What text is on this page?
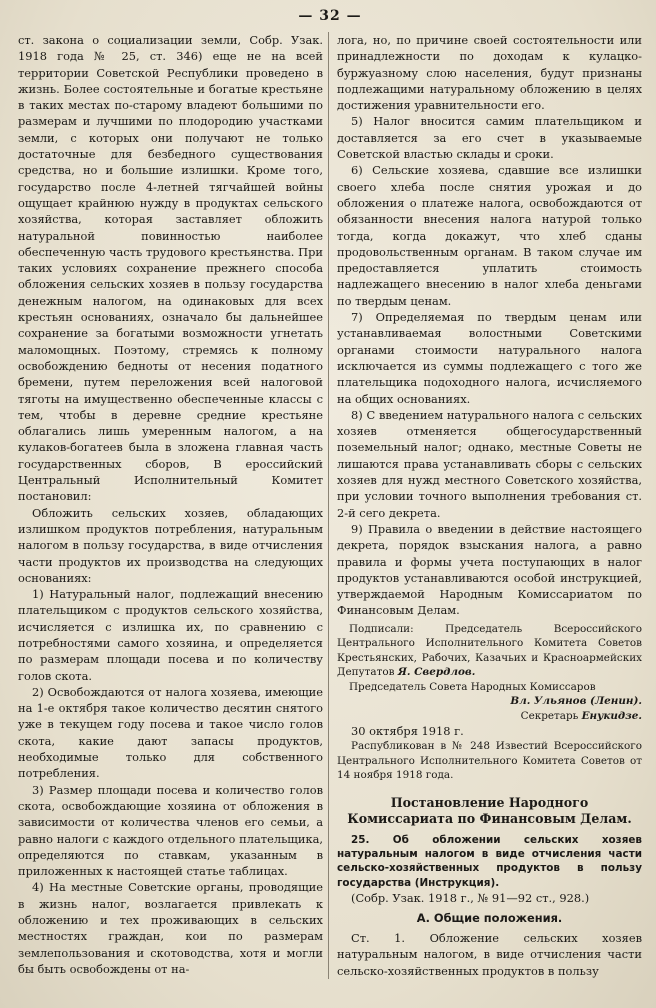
— 32 —

ст. закона о социализации земли, Собр. Узак. 1918 года № 25, ст. 346) еще не на всей территории Советской Республики проведено в жизнь. Более состоятельные и богатые крестьяне в таких местах по-старому владеют большими по размерам и лучшими по плодородию участками земли, с которых они получают не только достаточные для безбедного существования средства, но и большие излишки. Кроме того, государство после 4-летней тягчайшей войны ощущает крайнюю нужду в продуктах сельского хозяйства, которая заставляет обложить натуральной повинностью наиболее обеспеченную часть трудового крестьянства. При таких условиях сохранение прежнего способа обложения сельских хозяев в пользу государства денежным налогом, на одинаковых для всех крестьян основаниях, означало бы дальнейшее сохранение за богатыми возможности угнетать маломощных. Поэтому, стремясь к полному освобождению бедноты от несения податного бремени, путем переложения всей налоговой тяготы на имущественно обеспеченные классы с тем, чтобы в деревне средние крестьяне облагались лишь умеренным налогом, а на кулаков-богатеев была в зложена главная часть государственных сборов, В ероссийский Центральный Исполнительный Комитет постановил:

Обложить сельских хозяев, обладающих излишком продуктов потребления, натуральным налогом в пользу государства, в виде отчисления части продуктов их производства на следующих основаниях:

1) Натуральный налог, подлежащий внесению плательщиком с продуктов сельского хозяйства, исчисляется с излишка их, по сравнению с потребностями самого хозяина, и определяется по размерам площади посева и по количеству голов скота.

2) Освобождаются от налога хозяева, имеющие на 1-е октября такое количество десятин снятого уже в текущем году посева и такое число голов скота, какие дают запасы продуктов, необходимые только для собственного потребления.

3) Размер площади посева и количество голов скота, освобождающие хозяина от обложения в зависимости от количества членов его семьи, а равно налоги с каждого отдельного плательщика, определяются по ставкам, указанным в приложенных к настоящей статье таблицах.

4) На местные Советские органы, проводящие в жизнь налог, возлагается привлекать к обложению и тех проживающих в сельских местностях граждан, кои по размерам землепользования и скотоводства, хотя и могли бы быть освобождены от на-

лога, но, по причине своей состоятельности или принадлежности по доходам к кулацко-буржуазному слою населения, будут признаны подлежащими натуральному обложению в целях достижения уравнительности его.

5) Налог вносится самим плательщиком и доставляется за его счет в указываемые Советской властью склады и сроки.

6) Сельские хозяева, сдавшие все излишки своего хлеба после снятия урожая и до обложения о платеже налога, освобождаются от обязанности внесения налога натурой только тогда, когда докажут, что хлеб сданы продовольственным органам. В таком случае им предоставляется уплатить стоимость надлежащего внесению в налог хлеба деньгами по твердым ценам.

7) Определяемая по твердым ценам или устанавливаемая волостными Советскими органами стоимости натурального налога исключается из суммы подлежащего с того же плательщика подоходного налога, исчисляемого на общих основаниях.

8) С введением натурального налога с сельских хозяев отменяется общегосударственный поземельный налог; однако, местные Советы не лишаются права устанавливать сборы с сельских хозяев для нужд местного Советского хозяйства, при условии точного выполнения требования ст. 2-й сего декрета.

9) Правила о введении в действие настоящего декрета, порядок взыскания налога, а равно правила и формы учета поступающих в налог продуктов устанавливаются особой инструкцией, утверждаемой Народным Комиссариатом по Финансовым Делам.

Подписали: Председатель Всероссийского Центрального Исполнительного Комитета Советов Крестьянских, Рабочих, Казачьих и Красноармейских Депутатов Я. Свердлов.

Председатель Совета Народных Комиссаров

Вл. Ульянов (Ленин).

Секретарь Енукидзе.

30 октября 1918 г.

Распубликован в № 248 Известий Всероссийского Центрального Исполнительного Комитета Советов от 14 ноября 1918 года.

Постановление Народного Комиссариата по Финансовым Делам.

25. Об обложении сельских хозяев натуральным налогом в виде отчисления части сельско-хозяйственных продуктов в пользу государства (Инструкция).

(Собр. Узак. 1918 г., № 91—92 ст., 928.)

А. Общие положения.

Ст. 1. Обложение сельских хозяев натуральным налогом, в виде отчисления части сельско-хозяйственных продуктов в пользу
